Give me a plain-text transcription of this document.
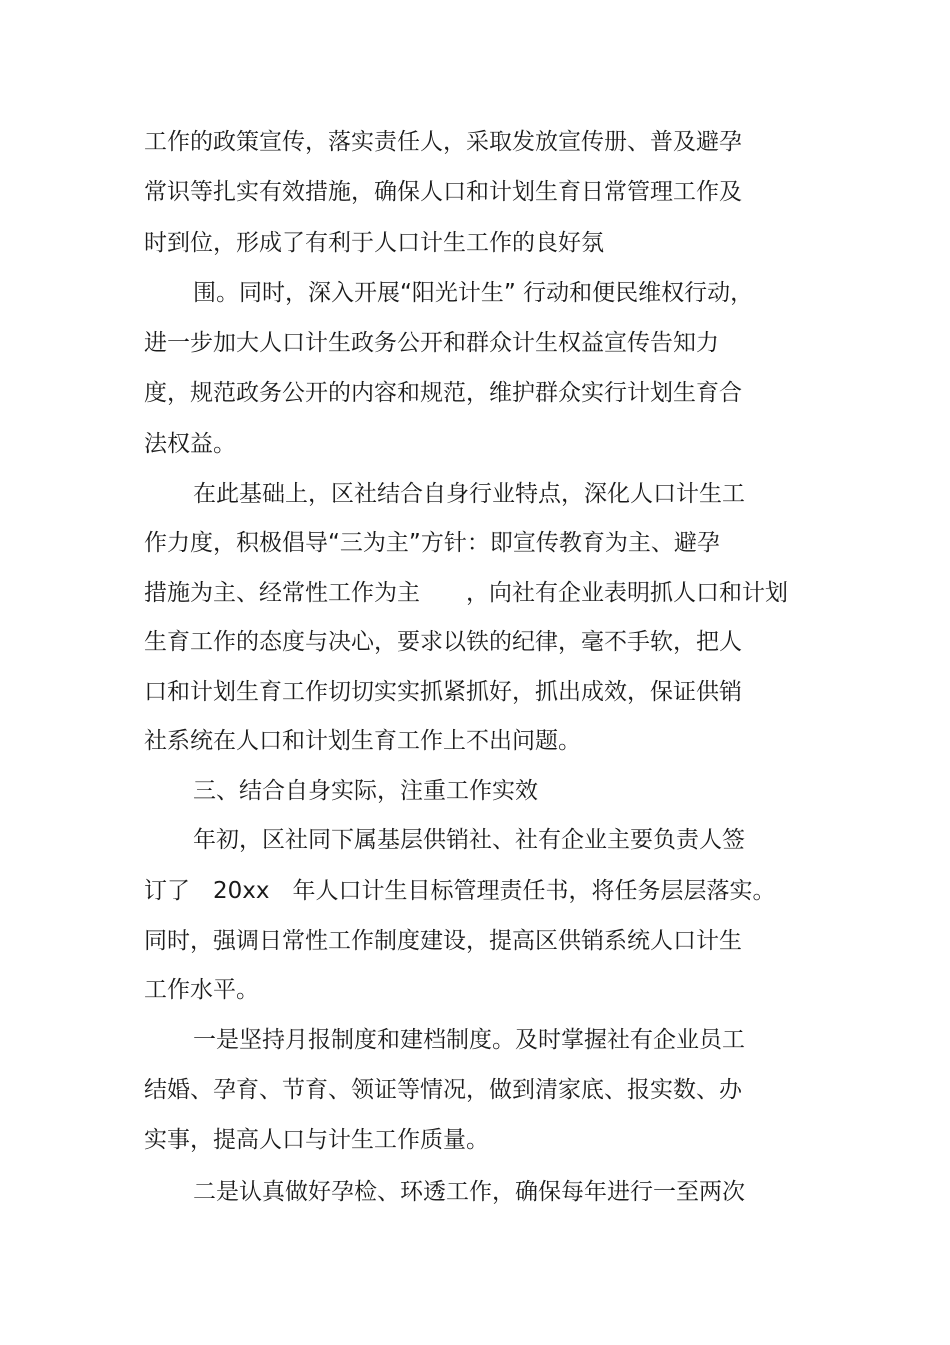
工作的政策宣传，落实责任人，采取发放宣传册、普及避孕
常识等扎实有效措施，确保人口和计划生育日常管理工作及
时到位，形成了有利于人口计生工作的良好氛
围。同时，深入开展“阳光计生” 行动和便民维权行动，
进一步加大人口计生政务公开和群众计生权益宣传告知力
度，规范政务公开的内容和规范，维护群众实行计划生育合
法权益。
在此基础上，区社结合自身行业特点，深化人口计生工
作力度，积极倡导“三为主”方针：即宣传教育为主、避孕
措施为主、经常性工作为主　　，向社有企业表明抓人口和计划
生育工作的态度与决心，要求以铁的纪律，毫不手软，把人
口和计划生育工作切切实实抓紧抓好，抓出成效，保证供销
社系统在人口和计划生育工作上不出问题。
三、结合自身实际，注重工作实效
年初，区社同下属基层供销社、社有企业主要负责人签
订了　20xx　年人口计生目标管理责任书，将任务层层落实。
同时，强调日常性工作制度建设，提高区供销系统人口计生
工作水平。
一是坚持月报制度和建档制度。及时掌握社有企业员工
结婚、孕育、节育、领证等情况，做到清家底、报实数、办
实事，提高人口与计生工作质量。
二是认真做好孕检、环透工作，确保每年进行一至两次
